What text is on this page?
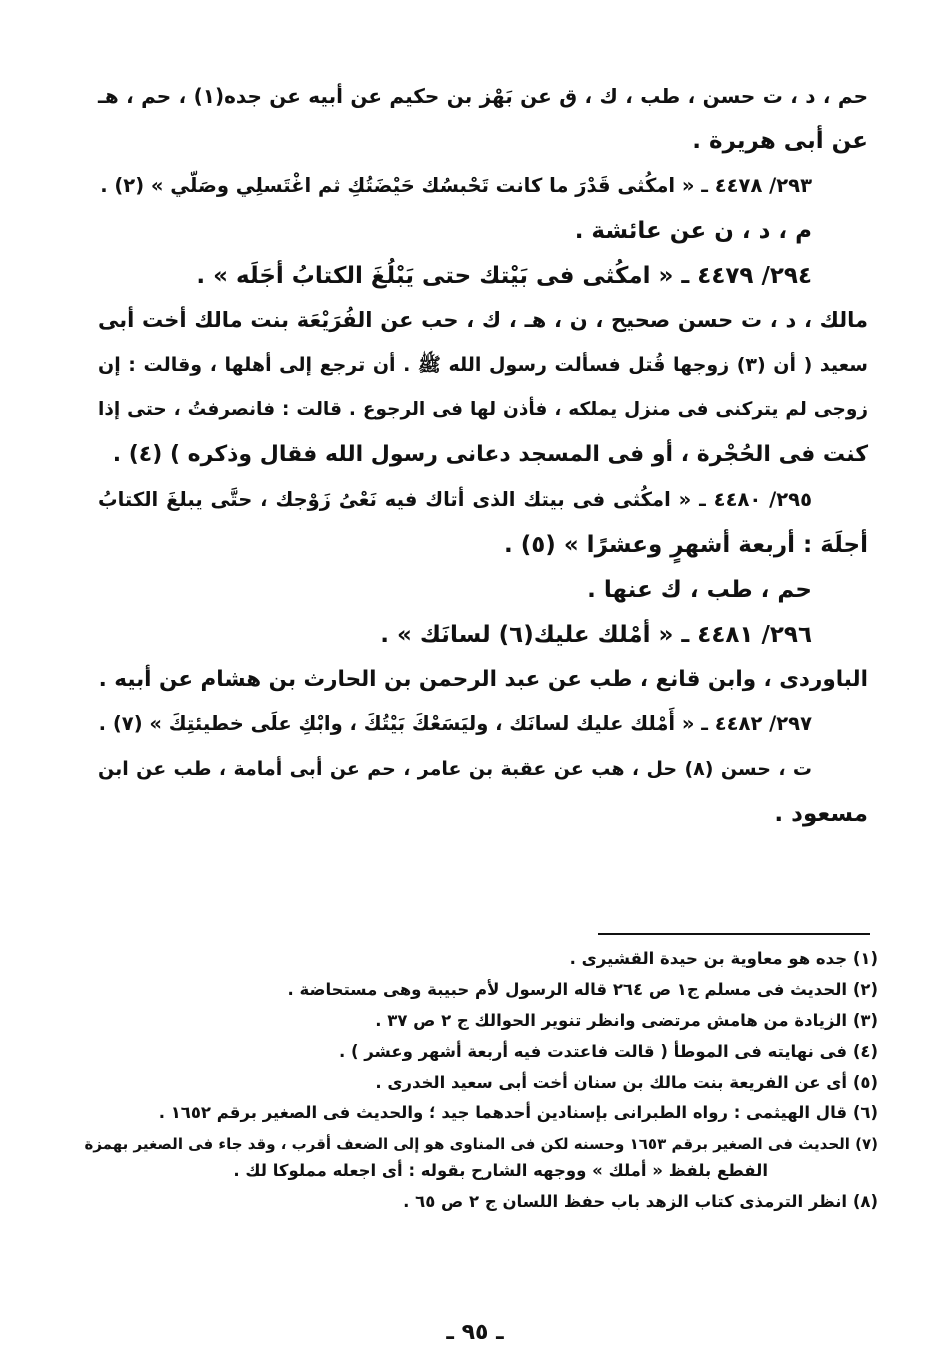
حم ، د ، ت حسن ، طب ، ك ، ق عن بَهْز بن حكيم عن أبيه عن جده(١) ، حم ، هـ
عن أبى هريرة .
٢٩٣/ ٤٤٧٨ ـ « امكُثى قَدْرَ ما كانت تَحْبسُك حَيْضَتُكِ ثم اغْتَسلِي وصَلّي » (٢) .
م ، د ، ن عن عائشة .
٢٩٤/ ٤٤٧٩ ـ « امكُثى فى بَيْتك حتى يَبْلُغَ الكتابُ أجَلَه » .
مالك ، د ، ت حسن صحيح ، ن ، هـ ، ك ، حب عن الفُرَيْعَة بنت مالك أخت أبى
سعيد ( أن (٣) زوجها قُتل فسألت رسول الله ﷺ . أن ترجع إلى أهلها ، وقالت : إن
زوجى لم يتركنى فى منزل يملكه ، فأذن لها فى الرجوع . قالت : فانصرفتُ ، حتى إذا
كنت فى الحُجْرة ، أو فى المسجد دعانى رسول الله فقال وذكره ) (٤) .
٢٩٥/ ٤٤٨٠ ـ « امكُثى فى بيتك الذى أتاك فيه نَعْىُ زَوْجك ، حتَّى يبلغَ الكتابُ
أجلَهَ : أربعة أشهرٍ وعشرًا » (٥) .
حم ، طب ، ك عنها .
٢٩٦/ ٤٤٨١ ـ « أمْلك عليك(٦) لسانَك » .
الباوردى ، وابن قانع ، طب عن عبد الرحمن بن الحارث بن هشام عن أبيه .
٢٩٧/ ٤٤٨٢ ـ « أَمْلك عليك لسانَك ، وليَسَعْكَ بَيْتُكَ ، وابْكِ علَى خطيئتِكَ » (٧) .
ت ، حسن (٨) حل ، هب عن عقبة بن عامر ، حم عن أبى أمامة ، طب عن ابن
مسعود .
(١) جده هو معاوية بن حيدة القشيرى .
(٢) الحديث فى مسلم ج١ ص ٢٦٤ قاله الرسول لأم حبيبة وهى مستحاضة .
(٣) الزيادة من هامش مرتضى وانظر تنوير الحوالك ج ٢ ص ٣٧ .
(٤) فى نهايته فى الموطأ ( قالت فاعتدت فيه أربعة أشهر وعشر ) .
(٥) أى عن الفريعة بنت مالك بن سنان أخت أبى سعيد الخدرى .
(٦) قال الهيثمى : رواه الطبرانى بإسنادين أحدهما جيد ؛ والحديث فى الصغير برقم ١٦٥٢ .
(٧) الحديث فى الصغير برقم ١٦٥٣ وحسنه لكن فى المناوى هو إلى الضعف أقرب ، وقد جاء فى الصغير بهمزة
الفطع بلفظ « أملك » ووجهه الشارح بقوله : أى اجعله مملوكا لك .
(٨) انظر الترمذى كتاب الزهد باب حفظ اللسان ج ٢ ص ٦٥ .
ـ ٩٥ ـ
